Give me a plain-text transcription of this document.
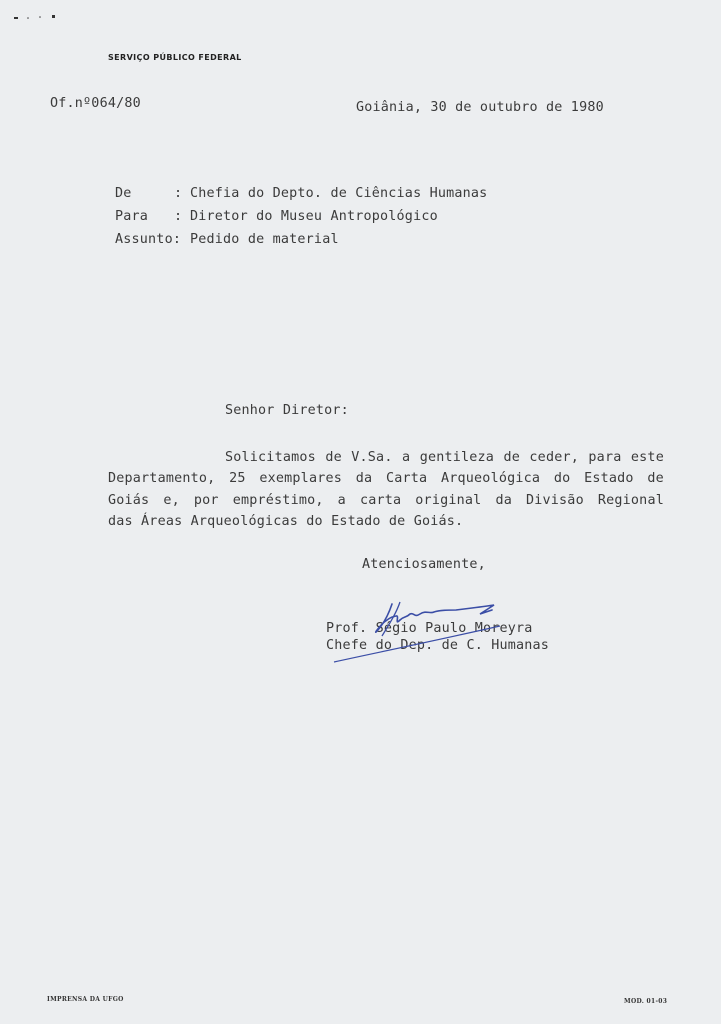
SERVIÇO PÚBLICO FEDERAL
Of.nº064/80	Goiânia, 30 de outubro de 1980
De	: Chefia do Depto. de Ciências Humanas
Para : Diretor do Museu Antropológico
Assunto: Pedido de material
Senhor Diretor:
Solicitamos de V.Sa. a gentileza de ceder, para este
Departamento, 25 exemplares da Carta Arqueológica do Estado de
Goiás e, por empréstimo, a carta original da Divisão Regional
das Áreas Arqueológicas do Estado de Goiás.
Atenciosamente,
Prof. Ségio Paulo Moreyra
Chefe do Dep. de C. Humanas
IMPRENSA DA UFGO	MOD. 01-03
